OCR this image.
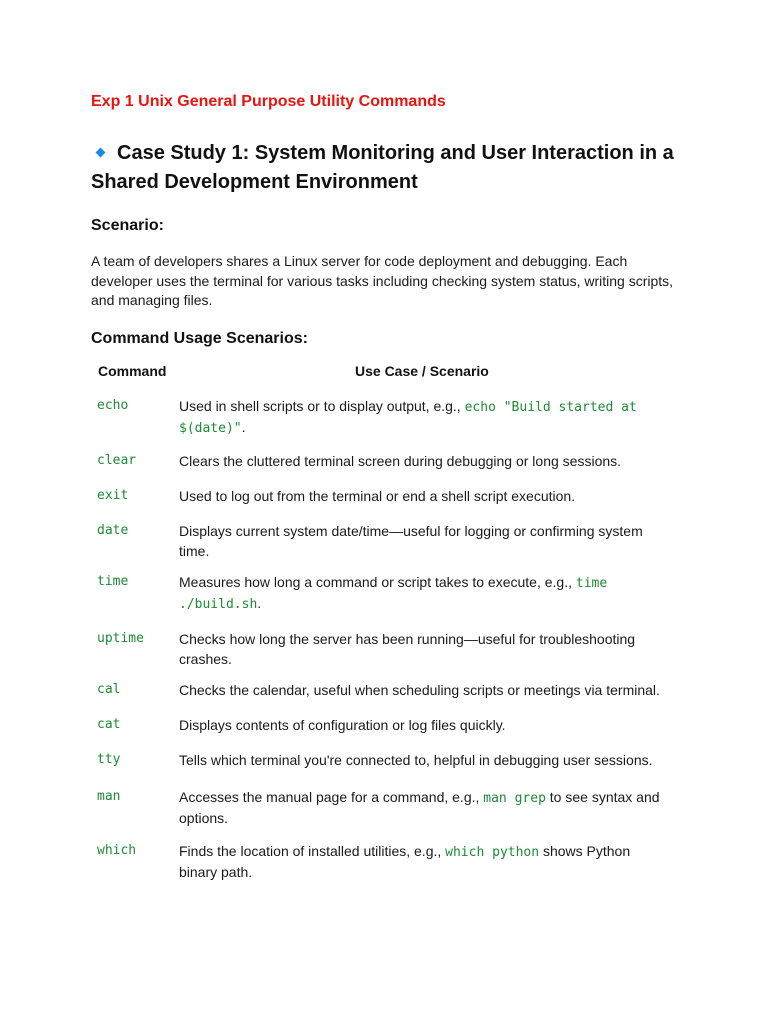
Exp 1 Unix General Purpose Utility Commands
Case Study 1: System Monitoring and User Interaction in a Shared Development Environment
Scenario:
A team of developers shares a Linux server for code deployment and debugging. Each developer uses the terminal for various tasks including checking system status, writing scripts, and managing files.
Command Usage Scenarios:
Command	Use Case / Scenario
echo	Used in shell scripts or to display output, e.g., echo "Build started at $(date)".
clear	Clears the cluttered terminal screen during debugging or long sessions.
exit	Used to log out from the terminal or end a shell script execution.
date	Displays current system date/time—useful for logging or confirming system time.
time	Measures how long a command or script takes to execute, e.g., time ./build.sh.
uptime	Checks how long the server has been running—useful for troubleshooting crashes.
cal	Checks the calendar, useful when scheduling scripts or meetings via terminal.
cat	Displays contents of configuration or log files quickly.
tty	Tells which terminal you're connected to, helpful in debugging user sessions.
man	Accesses the manual page for a command, e.g., man grep to see syntax and options.
which	Finds the location of installed utilities, e.g., which python shows Python binary path.
